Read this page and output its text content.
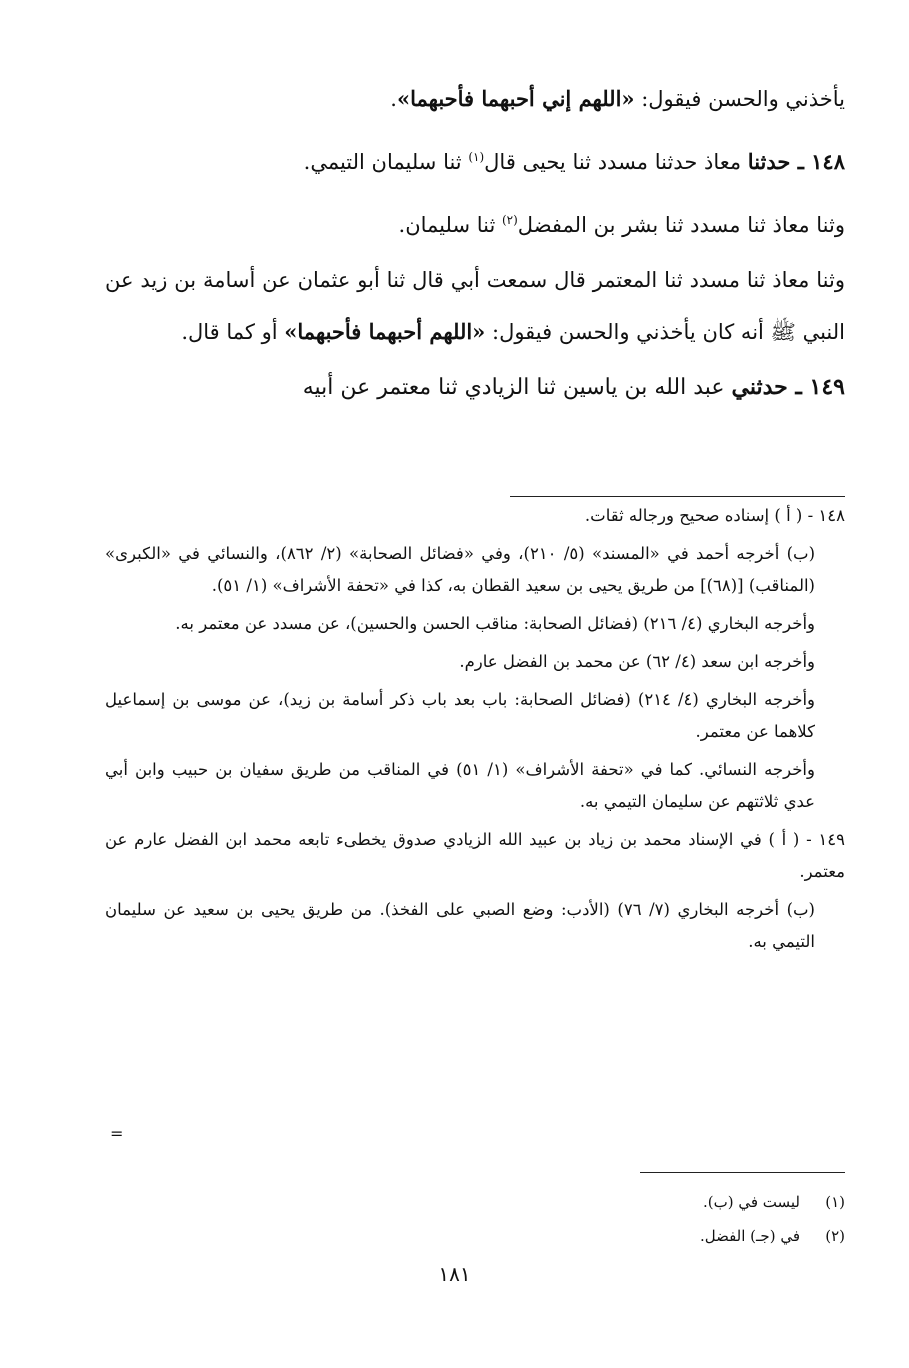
يأخذني والحسن فيقول: «اللهم إني أحبهما فأحبهما».

١٤٨ ـ حدثنا معاذ حدثنا مسدد ثنا يحيى قال$^{(١)}$ ثنا سليمان التيمي.

وثنا معاذ ثنا مسدد ثنا بشر بن المفضل$^{(٢)}$ ثنا سليمان.

وثنا معاذ ثنا مسدد ثنا المعتمر قال سمعت أبي قال ثنا أبو عثمان عن أسامة بن زيد عن النبي ﷺ أنه كان يأخذني والحسن فيقول: «اللهم أحبهما فأحبهما» أو كما قال.

١٤٩ ـ حدثني عبد الله بن ياسين ثنا الزيادي ثنا معتمر عن أبيه

١٤٨ - ( أ ) إسناده صحيح ورجاله ثقات.

(ب) أخرجه أحمد في «المسند» (٥/ ٢١٠)، وفي «فضائل الصحابة» (٢/ ٨٦٢)، والنسائي في «الكبرى» (المناقب) [(٦٨)] من طريق يحيى بن سعيد القطان به، كذا في «تحفة الأشراف» (١/ ٥١).

وأخرجه البخاري (٤/ ٢١٦) (فضائل الصحابة: مناقب الحسن والحسين)، عن مسدد عن معتمر به.

وأخرجه ابن سعد (٤/ ٦٢) عن محمد بن الفضل عارم.

وأخرجه البخاري (٤/ ٢١٤) (فضائل الصحابة: باب بعد باب ذكر أسامة بن زيد)، عن موسى بن إسماعيل كلاهما عن معتمر.

وأخرجه النسائي. كما في «تحفة الأشراف» (١/ ٥١) في المناقب من طريق سفيان بن حبيب وابن أبي عدي ثلاثتهم عن سليمان التيمي به.

١٤٩ - ( أ ) في الإسناد محمد بن زياد بن عبيد الله الزيادي صدوق يخطىء تابعه محمد ابن الفضل عارم عن معتمر.

(ب) أخرجه البخاري (٧/ ٧٦) (الأدب: وضع الصبي على الفخذ). من طريق يحيى بن سعيد عن سليمان التيمي به.

=

(١)ليست في (ب).

(٢)في (جـ) الفضل.

١٨١
